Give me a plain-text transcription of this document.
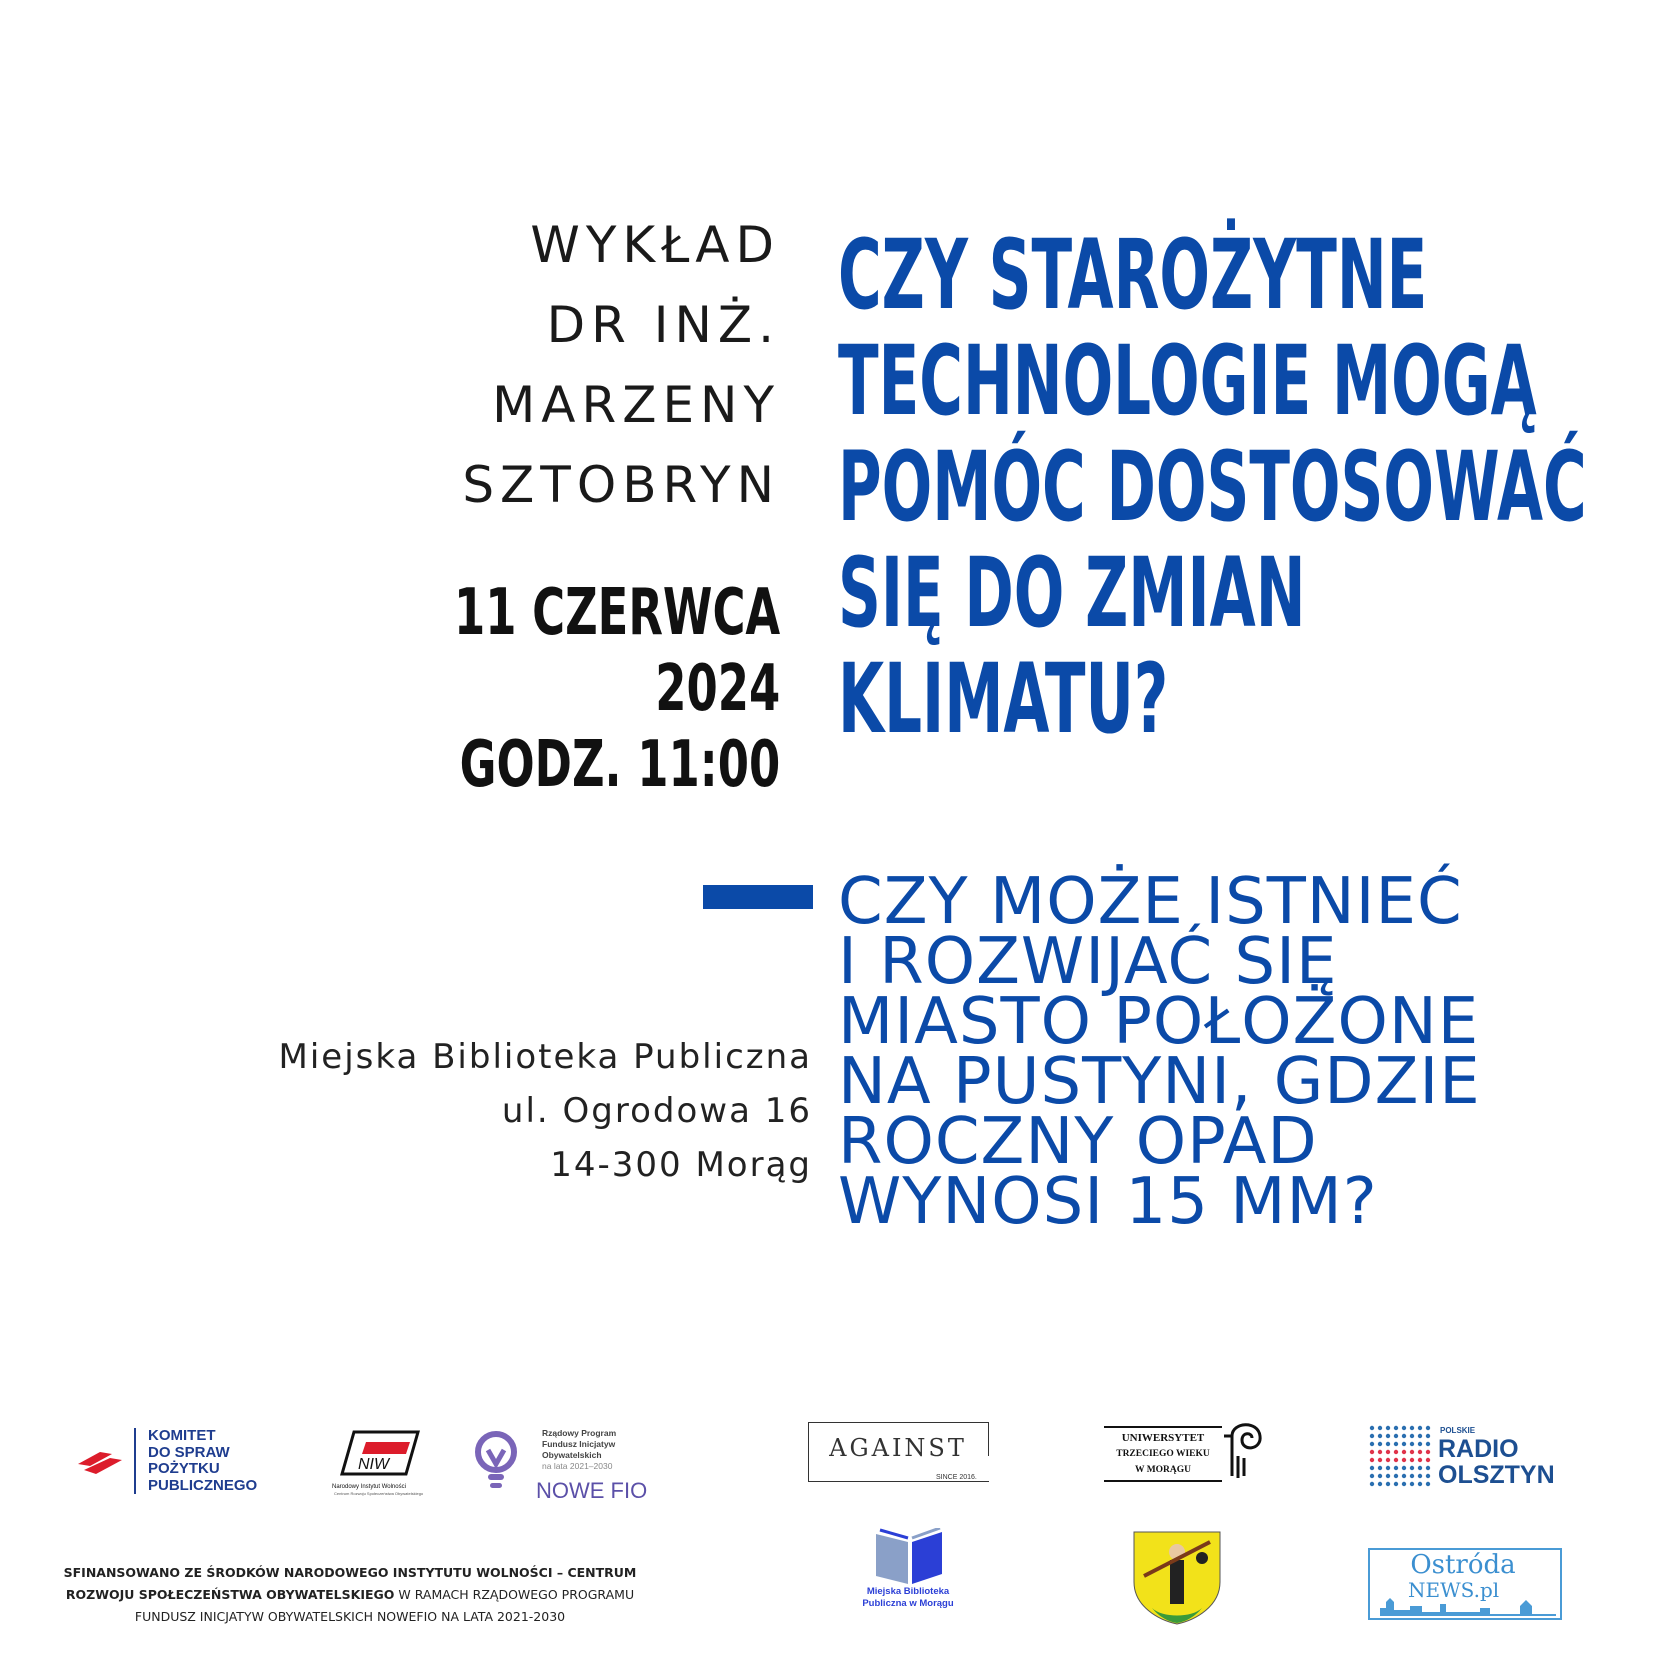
WYKŁAD
DR INŻ.
MARZENY
SZTOBRYN
11 CZERWCA
2024
GODZ. 11:00
CZY STAROŻYTNE
TECHNOLOGIE MOGĄ
POMÓC DOSTOSOWAĆ
SIĘ DO ZMIAN
KLIMATU?
CZY MOŻE ISTNIEĆ
I ROZWIJAĆ SIĘ
MIASTO POŁOŻONE
NA PUSTYNI, GDZIE
ROCZNY OPAD
WYNOSI 15 MM?
Miejska Biblioteka Publiczna
ul. Ogrodowa 16
14-300 Morąg
KOMITET
DO SPRAW
POŻYTKU
PUBLICZNEGO
NIW
Narodowy Instytut Wolności
Centrum Rozwoju Społeczeństwa Obywatelskiego
Rządowy Program
Fundusz Inicjatyw
Obywatelskich
na lata 2021–2030
NOWE FIO
AGAINST
SINCE 2016.
UNIWERSYTET
TRZECIEGO WIEKU
W MORĄGU
POLSKIE
RADIO
OLSZTYN
Miejska Biblioteka
Publiczna w Morągu
Ostróda
NEWS.pl
SFINANSOWANO ZE ŚRODKÓW NARODOWEGO INSTYTUTU WOLNOŚCI – CENTRUM
ROZWOJU SPOŁECZEŃSTWA OBYWATELSKIEGO W RAMACH RZĄDOWEGO PROGRAMU
FUNDUSZ INICJATYW OBYWATELSKICH NOWEFIO NA LATA 2021-2030
